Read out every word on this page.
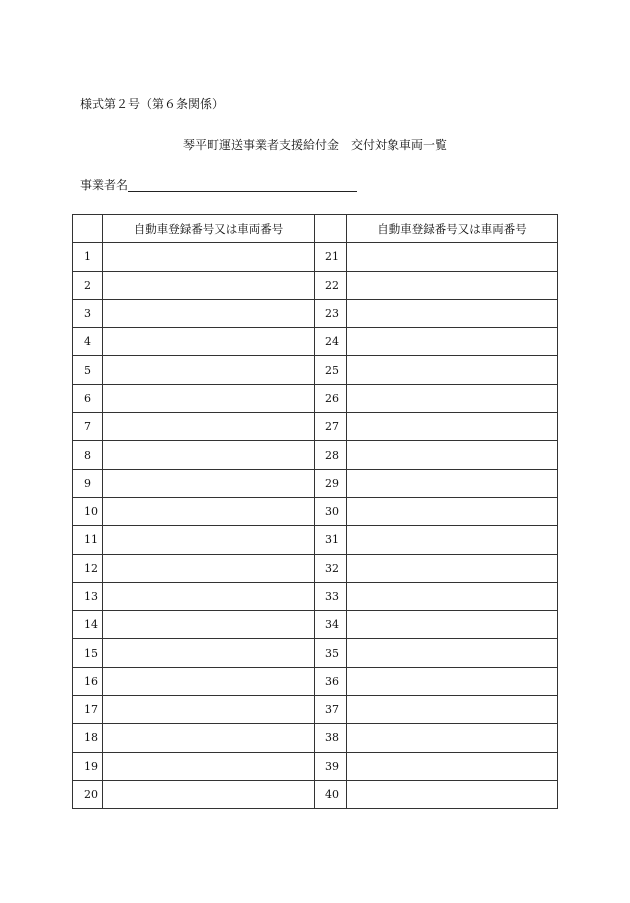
様式第２号（第６条関係）
琴平町運送事業者支援給付金　交付対象車両一覧
事業者名
	自動車登録番号又は車両番号		自動車登録番号又は車両番号
1		21	
2		22	
3		23	
4		24	
5		25	
6		26	
7		27	
8		28	
9		29	
10		30	
11		31	
12		32	
13		33	
14		34	
15		35	
16		36	
17		37	
18		38	
19		39	
20		40	
